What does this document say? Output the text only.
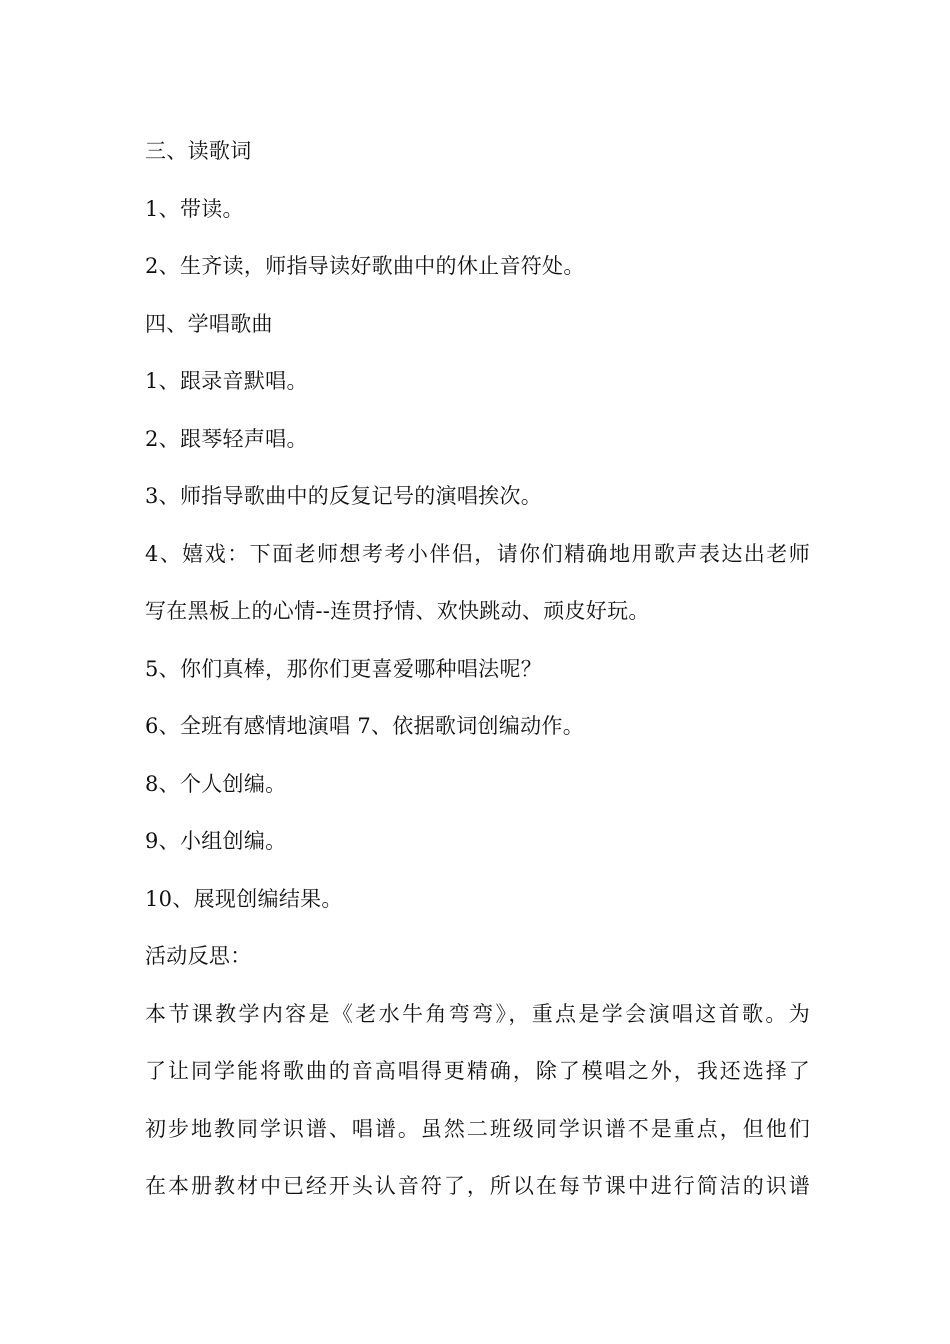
三、读歌词
1、带读。
2、生齐读，师指导读好歌曲中的休止音符处。
四、学唱歌曲
1、跟录音默唱。
2、跟琴轻声唱。
3、师指导歌曲中的反复记号的演唱挨次。
4、嬉戏：下面老师想考考小伴侣，请你们精确地用歌声表达出老师
写在黑板上的心情--连贯抒情、欢快跳动、顽皮好玩。
5、你们真棒，那你们更喜爱哪种唱法呢？
6、全班有感情地演唱 7、依据歌词创编动作。
8、个人创编。
9、小组创编。
10、展现创编结果。
活动反思：
本节课教学内容是《老水牛角弯弯》，重点是学会演唱这首歌。为
了让同学能将歌曲的音高唱得更精确，除了模唱之外，我还选择了
初步地教同学识谱、唱谱。虽然二班级同学识谱不是重点，但他们
在本册教材中已经开头认音符了，所以在每节课中进行简洁的识谱
